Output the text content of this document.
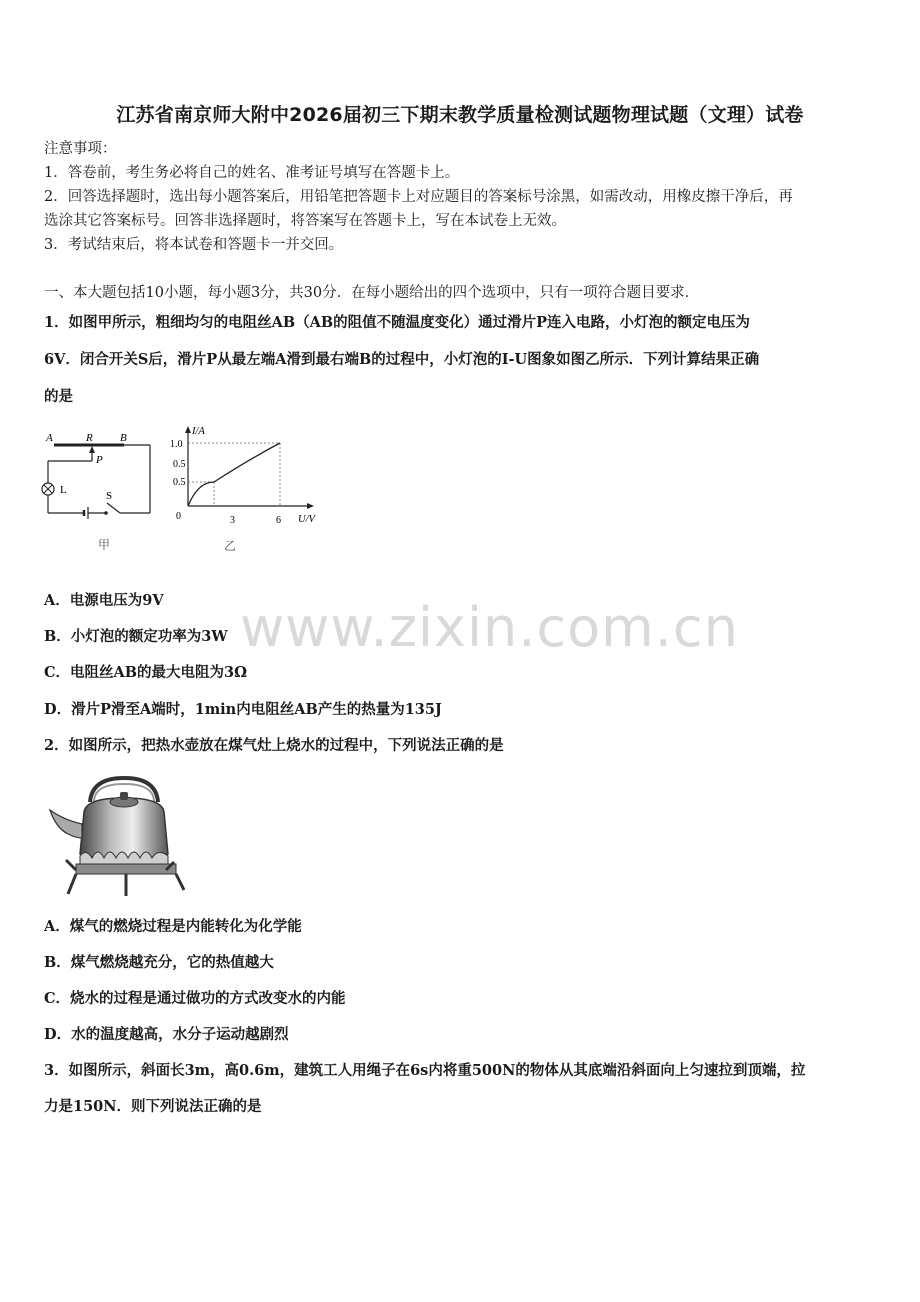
江苏省南京师大附中2026届初三下期末教学质量检测试题物理试题（文理）试卷
注意事项：
1．答卷前，考生务必将自己的姓名、准考证号填写在答题卡上。
2．回答选择题时，选出每小题答案后，用铅笔把答题卡上对应题目的答案标号涂黑，如需改动，用橡皮擦干净后，再
选涂其它答案标号。回答非选择题时，将答案写在答题卡上，写在本试卷上无效。
3．考试结束后，将本试卷和答题卡一并交回。
一、本大题包括10小题，每小题3分，共30分．在每小题给出的四个选项中，只有一项符合题目要求．
1．如图甲所示，粗细均匀的电阻丝AB（AB的阻值不随温度变化）通过滑片P连入电路，小灯泡的额定电压为
6V．闭合开关S后，滑片P从最左端A滑到最右端B的过程中，小灯泡的I-U图象如图乙所示．下列计算结果正确
的是
A	R B
P
L	S
甲
I/A
U/V
1.0
0.5
0.5
0	3	6
乙
A．电源电压为9V
B．小灯泡的额定功率为3W
C．电阻丝AB的最大电阻为3Ω
D．滑片P滑至A端时，1min内电阻丝AB产生的热量为135J
www.zixin.com.cn
2．如图所示，把热水壶放在煤气灶上烧水的过程中，下列说法正确的是
A．煤气的燃烧过程是内能转化为化学能
B．煤气燃烧越充分，它的热值越大
C．烧水的过程是通过做功的方式改变水的内能
D．水的温度越高，水分子运动越剧烈
3．如图所示，斜面长3m，高0.6m，建筑工人用绳子在6s内将重500N的物体从其底端沿斜面向上匀速拉到顶端，拉
力是150N．则下列说法正确的是
